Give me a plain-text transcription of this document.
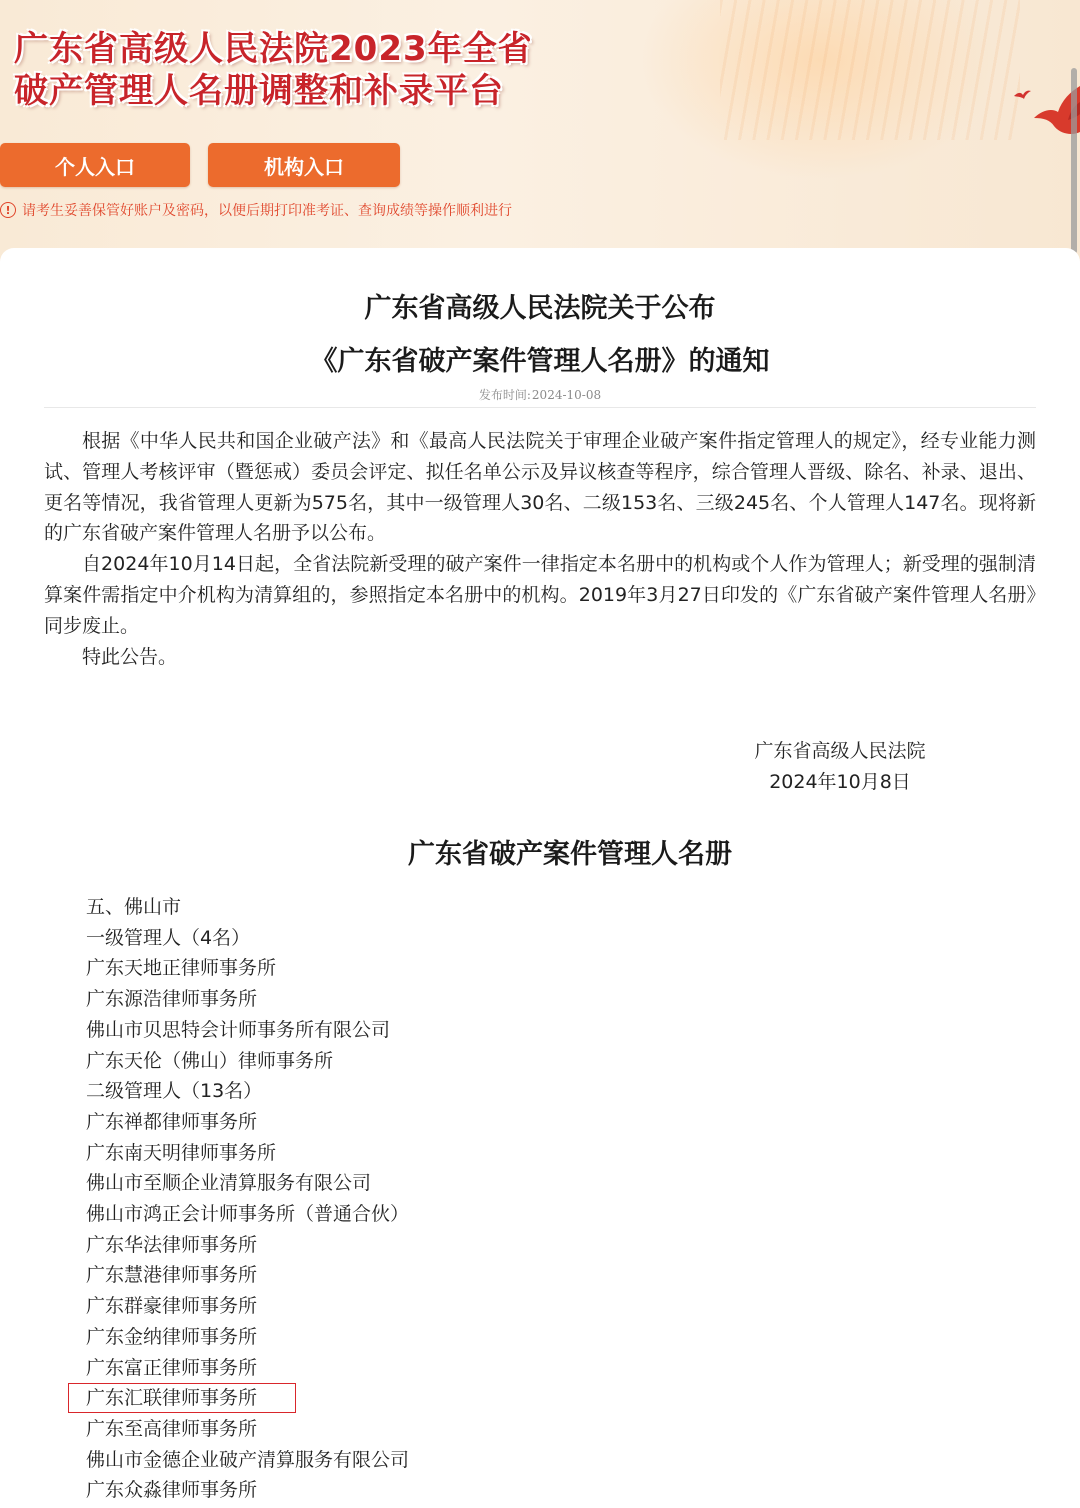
广东省高级人民法院2023年全省
破产管理人名册调整和补录平台
个人入口	机构入口
! 请考生妥善保管好账户及密码，以便后期打印准考证、查询成绩等操作顺利进行
广东省高级人民法院关于公布
《广东省破产案件管理人名册》的通知
发布时间:2024-10-08

根据《中华人民共和国企业破产法》和《最高人民法院关于审理企业破产案件指定管理人的规定》，经专业能力测试、管理人考核评审（暨惩戒）委员会评定、拟任名单公示及异议核查等程序，综合管理人晋级、除名、补录、退出、更名等情况，我省管理人更新为575名，其中一级管理人30名、二级153名、三级245名、个人管理人147名。现将新的广东省破产案件管理人名册予以公布。

自2024年10月14日起，全省法院新受理的破产案件一律指定本名册中的机构或个人作为管理人；新受理的强制清算案件需指定中介机构为清算组的，参照指定本名册中的机构。2019年3月27日印发的《广东省破产案件管理人名册》同步废止。

特此公告。

广东省高级人民法院
2024年10月8日
广东省破产案件管理人名册
五、佛山市
一级管理人（4名）
广东天地正律师事务所
广东源浩律师事务所
佛山市贝思特会计师事务所有限公司
广东天伦（佛山）律师事务所
二级管理人（13名）
广东禅都律师事务所
广东南天明律师事务所
佛山市至顺企业清算服务有限公司
佛山市鸿正会计师事务所（普通合伙）
广东华法律师事务所
广东慧港律师事务所
广东群豪律师事务所
广东金纳律师事务所
广东富正律师事务所
广东汇联律师事务所
广东至高律师事务所
佛山市金德企业破产清算服务有限公司
广东众淼律师事务所
